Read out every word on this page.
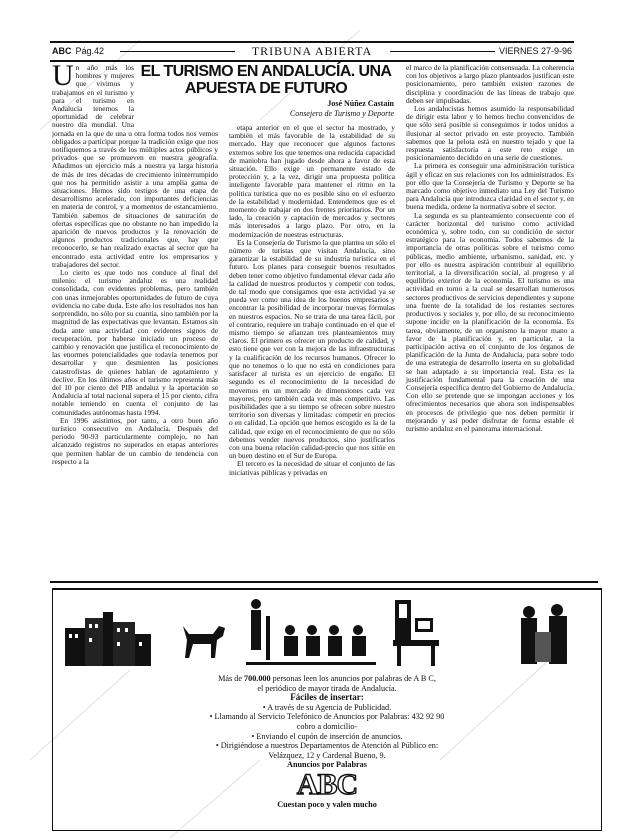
ABC Pág.42	TRIBUNA ABIERTA	VIERNES 27-9-96
EL TURISMO EN ANDALUCÍA. UNA APUESTA DE FUTURO
José Núñez Castaín
Consejero de Turismo y Deporte

Un año más los hombres y mujeres que vivimos y trabajamos en el turismo y para el turismo en Andalucía tenemos la oportunidad de celebrar nuestro día mundial. Una jornada en la que de una u otra forma todos nos vemos obligados a participar porque la tradición exige que nos notifiquemos a través de los múltiples actos públicos y privados que se promueven en nuestra geografía. Añadimos un ejercicio más a nuestra ya larga historia de más de tres décadas de crecimiento ininterrumpido que nos ha permitido asistir a una amplia gama de situaciones. Hemos sido testigos de una etapa de desarrollismo acelerado, con importantes deficiencias en materia de control, y a momentos de estancamiento. También sabemos de situaciones de saturación de ofertas específicas que no obstante no han impedido la aparición de nuevos productos y la renovación de algunos productos tradicionales que, hay que reconocerlo, se han realizado exactas al sector que ha encontrado esta actividad entre los empresarios y trabajadores del sector.

Lo cierto es que todo nos conduce al final del milenio: el turismo andaluz es una realidad consolidada, con evidentes problemas, pero también con unas inmejorables oportunidades de futuro de cuya evidencia no cabe duda. Este año los resultados nos han sorprendido, no sólo por su cuantía, sino también por la magnitud de las expectativas que levantan. Estamos sin duda ante una actividad con evidentes signos de recuperación, por haberse iniciado un proceso de cambio y renovación que justifica el reconocimiento de las enormes potencialidades que todavía tenemos por desarrollar y que desmienten las posiciones catastrofistas de quienes hablan de agotamiento y declive. En los últimos años el turismo representa más del 10 por ciento del PIB andaluz y la aportación se Andalucía al total nacional supera el 15 por ciento, cifra notable teniendo en cuenta el conjunto de las comunidades autónomas hasta 1994.

En 1996 asistimos, por tanto, a otro buen año turístico consecutivo en Andalucía. Después del periodo 90-93 particularmente complejo, no han alcanzado registros no superados en etapas anteriores que permiten hablar de un cambio de tendencia con respecto a la

etapa anterior en el que el sector ha mostrado, y también el más favorable de la estabilidad de su mercado. Hay que reconocer que algunos factores externos sobre los que tenemos una reducida capacidad de maniobra han jugado desde ahora a favor de esta situación. Ello exige un permanente estado de protección y, a la vez, dirigir una propuesta política inteligente favorable para mantener el ritmo en la política turística que no es posible sino en el esfuerzo de la estabilidad y modernidad. Entendemos que es el momento de trabajar en dos frentes prioritarios. Por un lado, la creación y captación de mercados y sectores más interesados a largo plazo. Por otro, en la modernización de nuestras estructuras.

Es la Consejería de Turismo la que plantea un sólo el número de turistas que visitan Andalucía, sino garantizar la estabilidad de su industria turística en el futuro. Los planes para conseguir buenos resultados deben tener como objetivo fundamental elevar cada año la calidad de nuestros productos y competir con todos, de tal modo que consigamos que esta actividad ya se pueda ver como una idea de los buenos empresarios y encontrar la posibilidad de incorporar nuevas fórmulas en nuestros espacios. No se trata de una tarea fácil, por el contrario, requiere un trabajo continuado en el que el mismo tiempo se afianzan tres planteamientos muy claros. El primero es ofrecer un producto de calidad, y esto tiene que ver con la mejora de las infraestructuras y la cualificación de los recursos humanos. Ofrecer lo que no tenemos o lo que no está en condiciones para satisfacer al turista es un ejercicio de engaño. El segundo es el reconocimiento de la necesidad de movernos en un mercado de dimensiones cada vez mayores, pero también cada vez más competitivo. Las posibilidades que a su tiempo se ofrecen sobre nuestro territorio son diversas y limitadas: competir en precios o en calidad. La opción que hemos escogido es la de la calidad, que exige en el reconocimiento de que no sólo debemos vender nuevos productos, sino justificarlos con una buena relación calidad-precio que nos sitúe en un buen destino en el Sur de Europa.

El tercero es la necesidad de situar el conjunto de las iniciativas públicas y privadas en

el marco de la planificación consensuada. La coherencia con los objetivos a largo plazo planteados justifican este posicionamiento, pero también existen razones de disciplina y coordinación de las líneas de trabajo que deben ser impulsadas.

Los andalucistas hemos asumido la responsabilidad de dirigir esta labor y lo hemos hecho convencidos de que sólo será posible si conseguimos ir todos unidos a ilusionar al sector privado en este proyecto. También sabemos que la pelota está en nuestro tejado y que la respuesta satisfactoria a este reto exige un posicionamiento decidido en una serie de cuestiones.

La primera es conseguir una administración turística ágil y eficaz en sus relaciones con los administrados. Es por ello que la Consejería de Turismo y Deporte se ha marcado como objetivo inmediato una Ley del Turismo para Andalucía que introduzca claridad en el sector y, en buena medida, ordene la normativa sobre el sector.

La segunda es su planteamiento consecuente con el carácter horizontal del turismo como actividad económica y, sobre todo, con su condición de sector estratégico para la economía. Todos sabemos de la importancia de otras políticas sobre el turismo como públicas, medio ambiente, urbanismo, sanidad, etc. y por ello es nuestra aspiración contribuir al equilibrio territorial, a la diversificación social, al progreso y al equilibrio exterior de la economía. El turismo es una actividad en torno a la cual se desarrollan numerosos sectores productivos de servicios dependientes y supone una fuente de la totalidad de los restantes sectores productivos y sociales y, por ello, de su reconocimiento supone incidir en la planificación de la economía. Es tarea, obviamente, de un organismo la mayor mano a favor de la planificación y, en particular, a la participación activa en el conjunto de los órganos de planificación de la Junta de Andalucía, para sobre todo de una estrategia de desarrollo inserta en su globalidad se han adaptado a su importancia real. Esta es la justificación fundamental para la creación de una Consejería específica dentro del Gobierno de Andalucía. Con ello se pretende que se impongan acciones y los ofrecimientos necesarios que ahora son indispensables en procesos de privilegio que nos deben permitir ir mejorando y así poder disfrutar de forma estable el turismo andaluz en el panorama internacional.

Más de 700.000 personas leen los anuncios por palabras de A B C,
el periódico de mayor tirada de Andalucía.
Fáciles de insertar:
• A través de su Agencia de Publicidad.
• Llamando al Servicio Telefónico de Anuncios por Palabras: 432 92 90
cobro a domicilio-
• Enviando el cupón de inserción de anuncios.
• Dirigiéndose a nuestros Departamentos de Atención al Público en:
Velázquez, 12 y Cardenal Bueno, 9.
Anuncios por Palabras
ABC
Cuestan poco y valen mucho
